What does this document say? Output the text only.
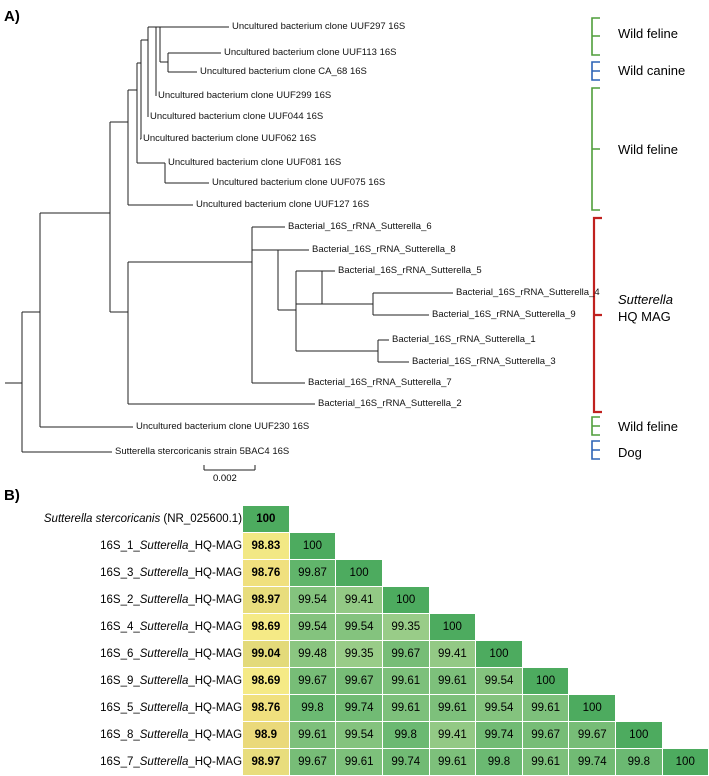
A)
B)
Uncultured bacterium clone UUF297 16S
Uncultured bacterium clone UUF113 16S
Uncultured bacterium clone CA_68 16S
Uncultured bacterium clone UUF299 16S
Uncultured bacterium clone UUF044 16S
Uncultured bacterium clone UUF062 16S
Uncultured bacterium clone UUF081 16S
Uncultured bacterium clone UUF075 16S
Uncultured bacterium clone UUF127 16S
Bacterial_16S_rRNA_Sutterella_6
Bacterial_16S_rRNA_Sutterella_8
Bacterial_16S_rRNA_Sutterella_5
Bacterial_16S_rRNA_Sutterella_4
Bacterial_16S_rRNA_Sutterella_9
Bacterial_16S_rRNA_Sutterella_1
Bacterial_16S_rRNA_Sutterella_3
Bacterial_16S_rRNA_Sutterella_7
Bacterial_16S_rRNA_Sutterella_2
Uncultured bacterium clone UUF230 16S
Sutterella stercoricanis strain 5BAC4 16S
Wild feline
Wild canine
Wild feline
Sutterella
HQ MAG
Wild feline
Dog
0.002
Sutterella stercoricanis (NR_025600.1)	100									
16S_1_Sutterella_HQ-MAG	98.83	100								
16S_3_Sutterella_HQ-MAG	98.76	99.87	100							
16S_2_Sutterella_HQ-MAG	98.97	99.54	99.41	100						
16S_4_Sutterella_HQ-MAG	98.69	99.54	99.54	99.35	100					
16S_6_Sutterella_HQ-MAG	99.04	99.48	99.35	99.67	99.41	100				
16S_9_Sutterella_HQ-MAG	98.69	99.67	99.67	99.61	99.61	99.54	100			
16S_5_Sutterella_HQ-MAG	98.76	99.8	99.74	99.61	99.61	99.54	99.61	100		
16S_8_Sutterella_HQ-MAG	98.9	99.61	99.54	99.8	99.41	99.74	99.67	99.67	100	
16S_7_Sutterella_HQ-MAG	98.97	99.67	99.61	99.74	99.61	99.8	99.61	99.74	99.8	100
